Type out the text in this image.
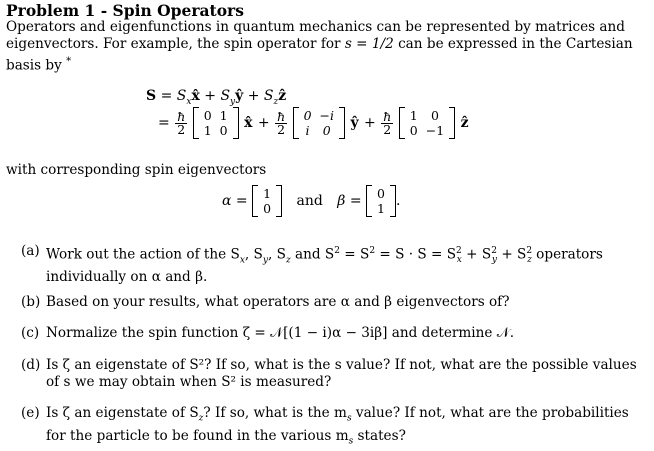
Problem 1 - Spin Operators
Operators and eigenfunctions in quantum mechanics can be represented by matrices and
eigenvectors. For example, the spin operator for s = 1/2 can be expressed in the Cartesian
basis by *
$S = S_xx̂$ + $S_yŷ$ + $S_zẑ$
= $\frac{ħ}{2}$
0	1
1	0 x̂ + $\frac{ħ}{2}$
0	−i
i	0 ŷ + $\frac{ħ}{2}$
1	0
0	−1 ẑ
with corresponding spin eigenvectors
α = 1
0 and β = 0
1 .
(a) Work out the action of the $S_x$, $S_y$, $S_z$ and $S^2 = S^2 = S \cdot S = S^2_x + S^2_y + S^2_z$ operators
individually on α and β.
(b) Based on your results, what operators are α and β eigenvectors of?
(c) Normalize the spin function ζ = 𝒩[(1 − i)α − 3iβ] and determine 𝒩.
(d) Is ζ an eigenstate of S²? If so, what is the s value? If not, what are the possible values
of s we may obtain when S² is measured?
(e) Is ζ an eigenstate of $S_z$? If so, what is the $m_s$ value? If not, what are the probabilities
for the particle to be found in the various $m_s$ states?
